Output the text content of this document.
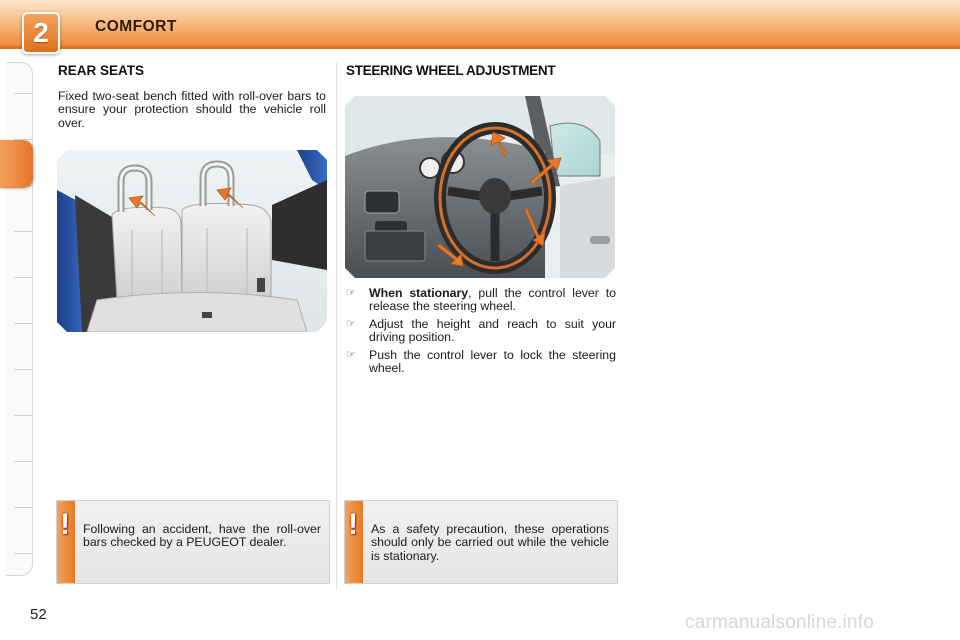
2	COMFORT
REAR SEATS
Fixed two-seat bench fitted with roll-over bars to ensure your protection should the vehicle roll over.
STEERING WHEEL ADJUSTMENT
☞ When stationary, pull the control lever to release the steering wheel.
☞ Adjust the height and reach to suit your driving position.
☞ Push the control lever to lock the steering wheel.
!	Following an accident, have the roll-over bars checked by a PEUGEOT dealer.
!	As a safety precaution, these operations should only be carried out while the vehicle is stationary.
52	carmanualsonline.info
